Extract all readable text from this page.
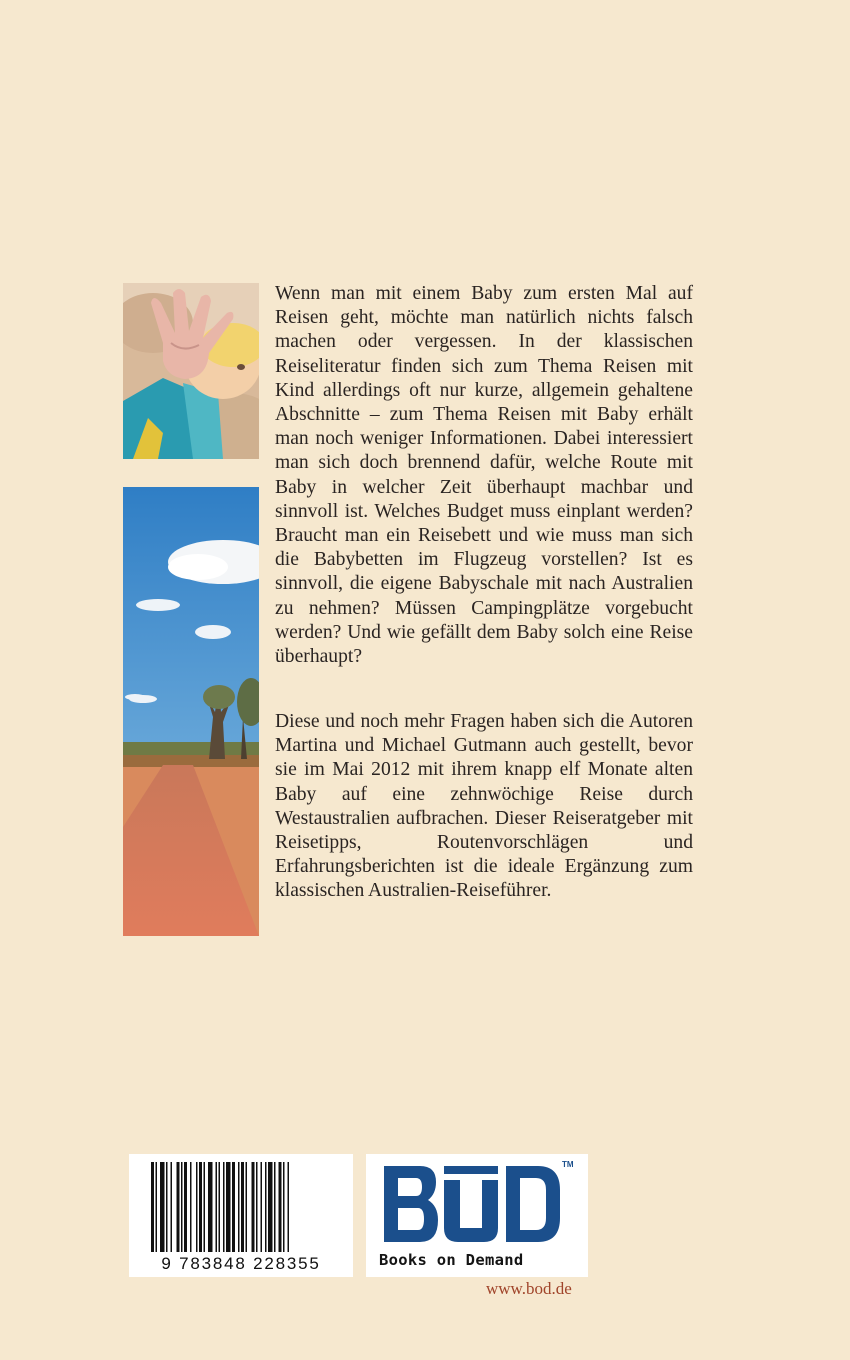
Wenn man mit einem Baby zum ersten Mal auf Reisen geht, möchte man natürlich nichts falsch machen oder vergessen. In der klassischen Reiseliteratur finden sich zum Thema Reisen mit Kind allerdings oft nur kurze, allgemein gehaltene Abschnitte – zum Thema Reisen mit Baby erhält man noch weniger Informationen. Dabei interessiert man sich doch brennend dafür, welche Route mit Baby in welcher Zeit überhaupt machbar und sinnvoll ist. Welches Budget muss einplant werden? Braucht man ein Reisebett und wie muss man sich die Babybetten im Flugzeug vorstellen? Ist es sinnvoll, die eigene Babyschale mit nach Australien zu nehmen? Müssen Campingplätze vorgebucht werden? Und wie gefällt dem Baby solch eine Reise überhaupt?

Diese und noch mehr Fragen haben sich die Autoren Martina und Michael Gutmann auch gestellt, bevor sie im Mai 2012 mit ihrem knapp elf Monate alten Baby auf eine zehnwöchige Reise durch Westaustralien aufbrachen. Dieser Reiseratgeber mit Reisetipps, Routenvorschlägen und Erfahrungsberichten ist die ideale Ergänzung zum klassischen Australien-Reiseführer.

9 783848 228355
TM
Books on Demand
www.bod.de
